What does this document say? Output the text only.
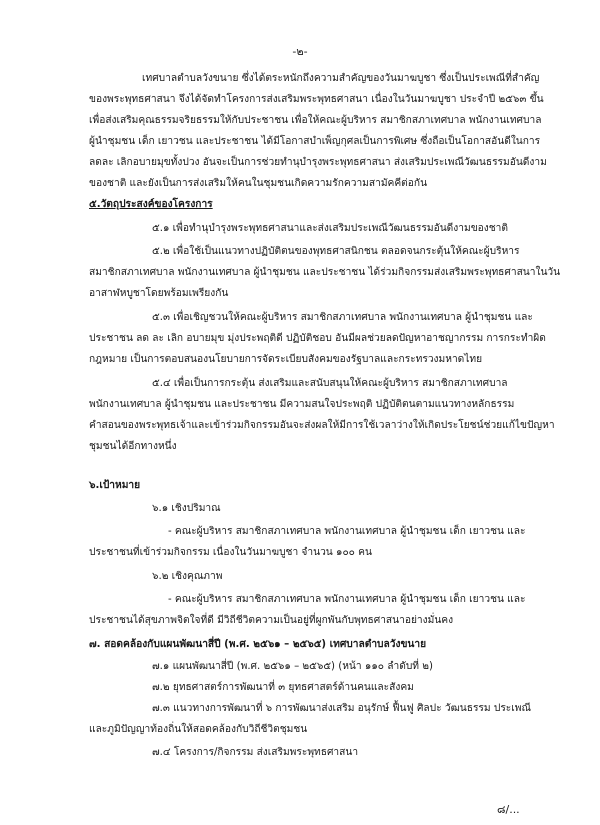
-๒-
เทศบาลตำบลวังขนาย ซึ่งได้ตระหนักถึงความสำคัญของวันมาฆบูชา ซึ่งเป็นประเพณีที่สำคัญ
ของพระพุทธศาสนา จึงได้จัดทำโครงการส่งเสริมพระพุทธศาสนา เนื่องในวันมาฆบูชา ประจำปี ๒๕๖๓ ขึ้น
เพื่อส่งเสริมคุณธรรมจริยธรรมให้กับประชาชน เพื่อให้คณะผู้บริหาร สมาชิกสภาเทศบาล พนักงานเทศบาล
ผู้นำชุมชน เด็ก เยาวชน และประชาชน ได้มีโอกาสบำเพ็ญกุศลเป็นการพิเศษ ซึ่งถือเป็นโอกาสอันดีในการ
ลดละ เลิกอบายมุขทั้งปวง อันจะเป็นการช่วยทำนุบำรุงพระพุทธศาสนา ส่งเสริมประเพณีวัฒนธรรมอันดีงาม
ของชาติ และยังเป็นการส่งเสริมให้คนในชุมชนเกิดความรักความสามัคคีต่อกัน
๕.วัตถุประสงค์ของโครงการ
๕.๑ เพื่อทำนุบำรุงพระพุทธศาสนาและส่งเสริมประเพณีวัฒนธรรมอันดีงามของชาติ
๕.๒ เพื่อใช้เป็นแนวทางปฏิบัติตนของพุทธศาสนิกชน ตลอดจนกระตุ้นให้คณะผู้บริหาร
สมาชิกสภาเทศบาล พนักงานเทศบาล ผู้นำชุมชน และประชาชน ได้ร่วมกิจกรรมส่งเสริมพระพุทธศาสนาในวัน
อาสาฬหบูชาโดยพร้อมเพรียงกัน
๕.๓ เพื่อเชิญชวนให้คณะผู้บริหาร สมาชิกสภาเทศบาล พนักงานเทศบาล ผู้นำชุมชน และ
ประชาชน ลด ละ เลิก อบายมุข มุ่งประพฤติดี ปฏิบัติชอบ อันมีผลช่วยลดปัญหาอาชญากรรม การกระทำผิด
กฎหมาย เป็นการตอบสนองนโยบายการจัดระเบียบสังคมของรัฐบาลและกระทรวงมหาดไทย
๕.๔ เพื่อเป็นการกระตุ้น ส่งเสริมและสนับสนุนให้คณะผู้บริหาร สมาชิกสภาเทศบาล
พนักงานเทศบาล ผู้นำชุมชน และประชาชน มีความสนใจประพฤติ ปฏิบัติตนตามแนวทางหลักธรรม
คำสอนของพระพุทธเจ้าและเข้าร่วมกิจกรรมอันจะส่งผลให้มีการใช้เวลาว่างให้เกิดประโยชน์ช่วยแก้ไขปัญหา
ชุมชนได้อีกทางหนึ่ง
๖.เป้าหมาย
๖.๑ เชิงปริมาณ
- คณะผู้บริหาร สมาชิกสภาเทศบาล พนักงานเทศบาล ผู้นำชุมชน เด็ก เยาวชน และ
ประชาชนที่เข้าร่วมกิจกรรม เนื่องในวันมาฆบูชา จำนวน ๑๐๐ คน
๖.๒ เชิงคุณภาพ
- คณะผู้บริหาร สมาชิกสภาเทศบาล พนักงานเทศบาล ผู้นำชุมชน เด็ก เยาวชน และ
ประชาชนได้สุขภาพจิตใจที่ดี มีวิถีชีวิตความเป็นอยู่ที่ผูกพันกับพุทธศาสนาอย่างมั่นคง
๗. สอดคล้องกับแผนพัฒนาสี่ปี (พ.ศ. ๒๕๖๑ – ๒๕๖๕) เทศบาลตำบลวังขนาย
๗.๑ แผนพัฒนาสี่ปี (พ.ศ. ๒๕๖๑ – ๒๕๖๕) (หน้า ๑๑๐ ลำดับที่ ๒)
๗.๒ ยุทธศาสตร์การพัฒนาที่ ๓ ยุทธศาสตร์ด้านคนและสังคม
๗.๓ แนวทางการพัฒนาที่ ๖ การพัฒนาส่งเสริม อนุรักษ์ ฟื้นฟู ศิลปะ วัฒนธรรม ประเพณี
และภูมิปัญญาท้องถิ่นให้สอดคล้องกับวิถีชีวิตชุมชน
๗.๔ โครงการ/กิจกรรม ส่งเสริมพระพุทธศาสนา
๘/...
